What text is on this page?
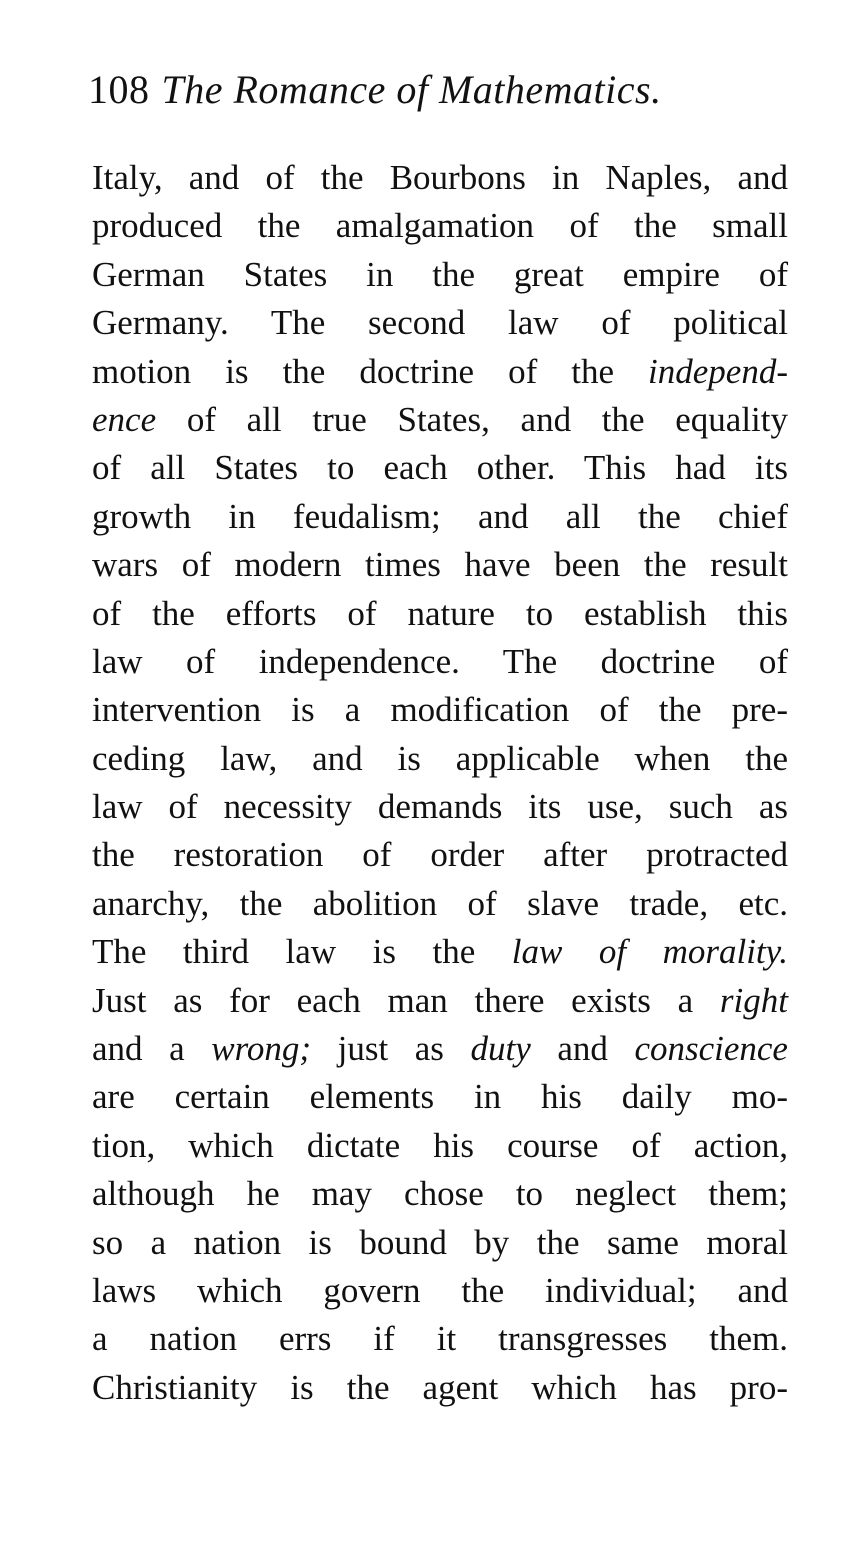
108 The Romance of Mathematics.
Italy, and of the Bourbons in Naples, and
produced the amalgamation of the small
German States in the great empire of
Germany. The second law of political
motion is the doctrine of the independ-
ence of all true States, and the equality
of all States to each other. This had its
growth in feudalism; and all the chief
wars of modern times have been the result
of the efforts of nature to establish this
law of independence. The doctrine of
intervention is a modification of the pre-
ceding law, and is applicable when the
law of necessity demands its use, such as
the restoration of order after protracted
anarchy, the abolition of slave trade, etc.
The third law is the law of morality.
Just as for each man there exists a right
and a wrong; just as duty and conscience
are certain elements in his daily mo-
tion, which dictate his course of action,
although he may chose to neglect them;
so a nation is bound by the same moral
laws which govern the individual; and
a nation errs if it transgresses them.
Christianity is the agent which has pro-
